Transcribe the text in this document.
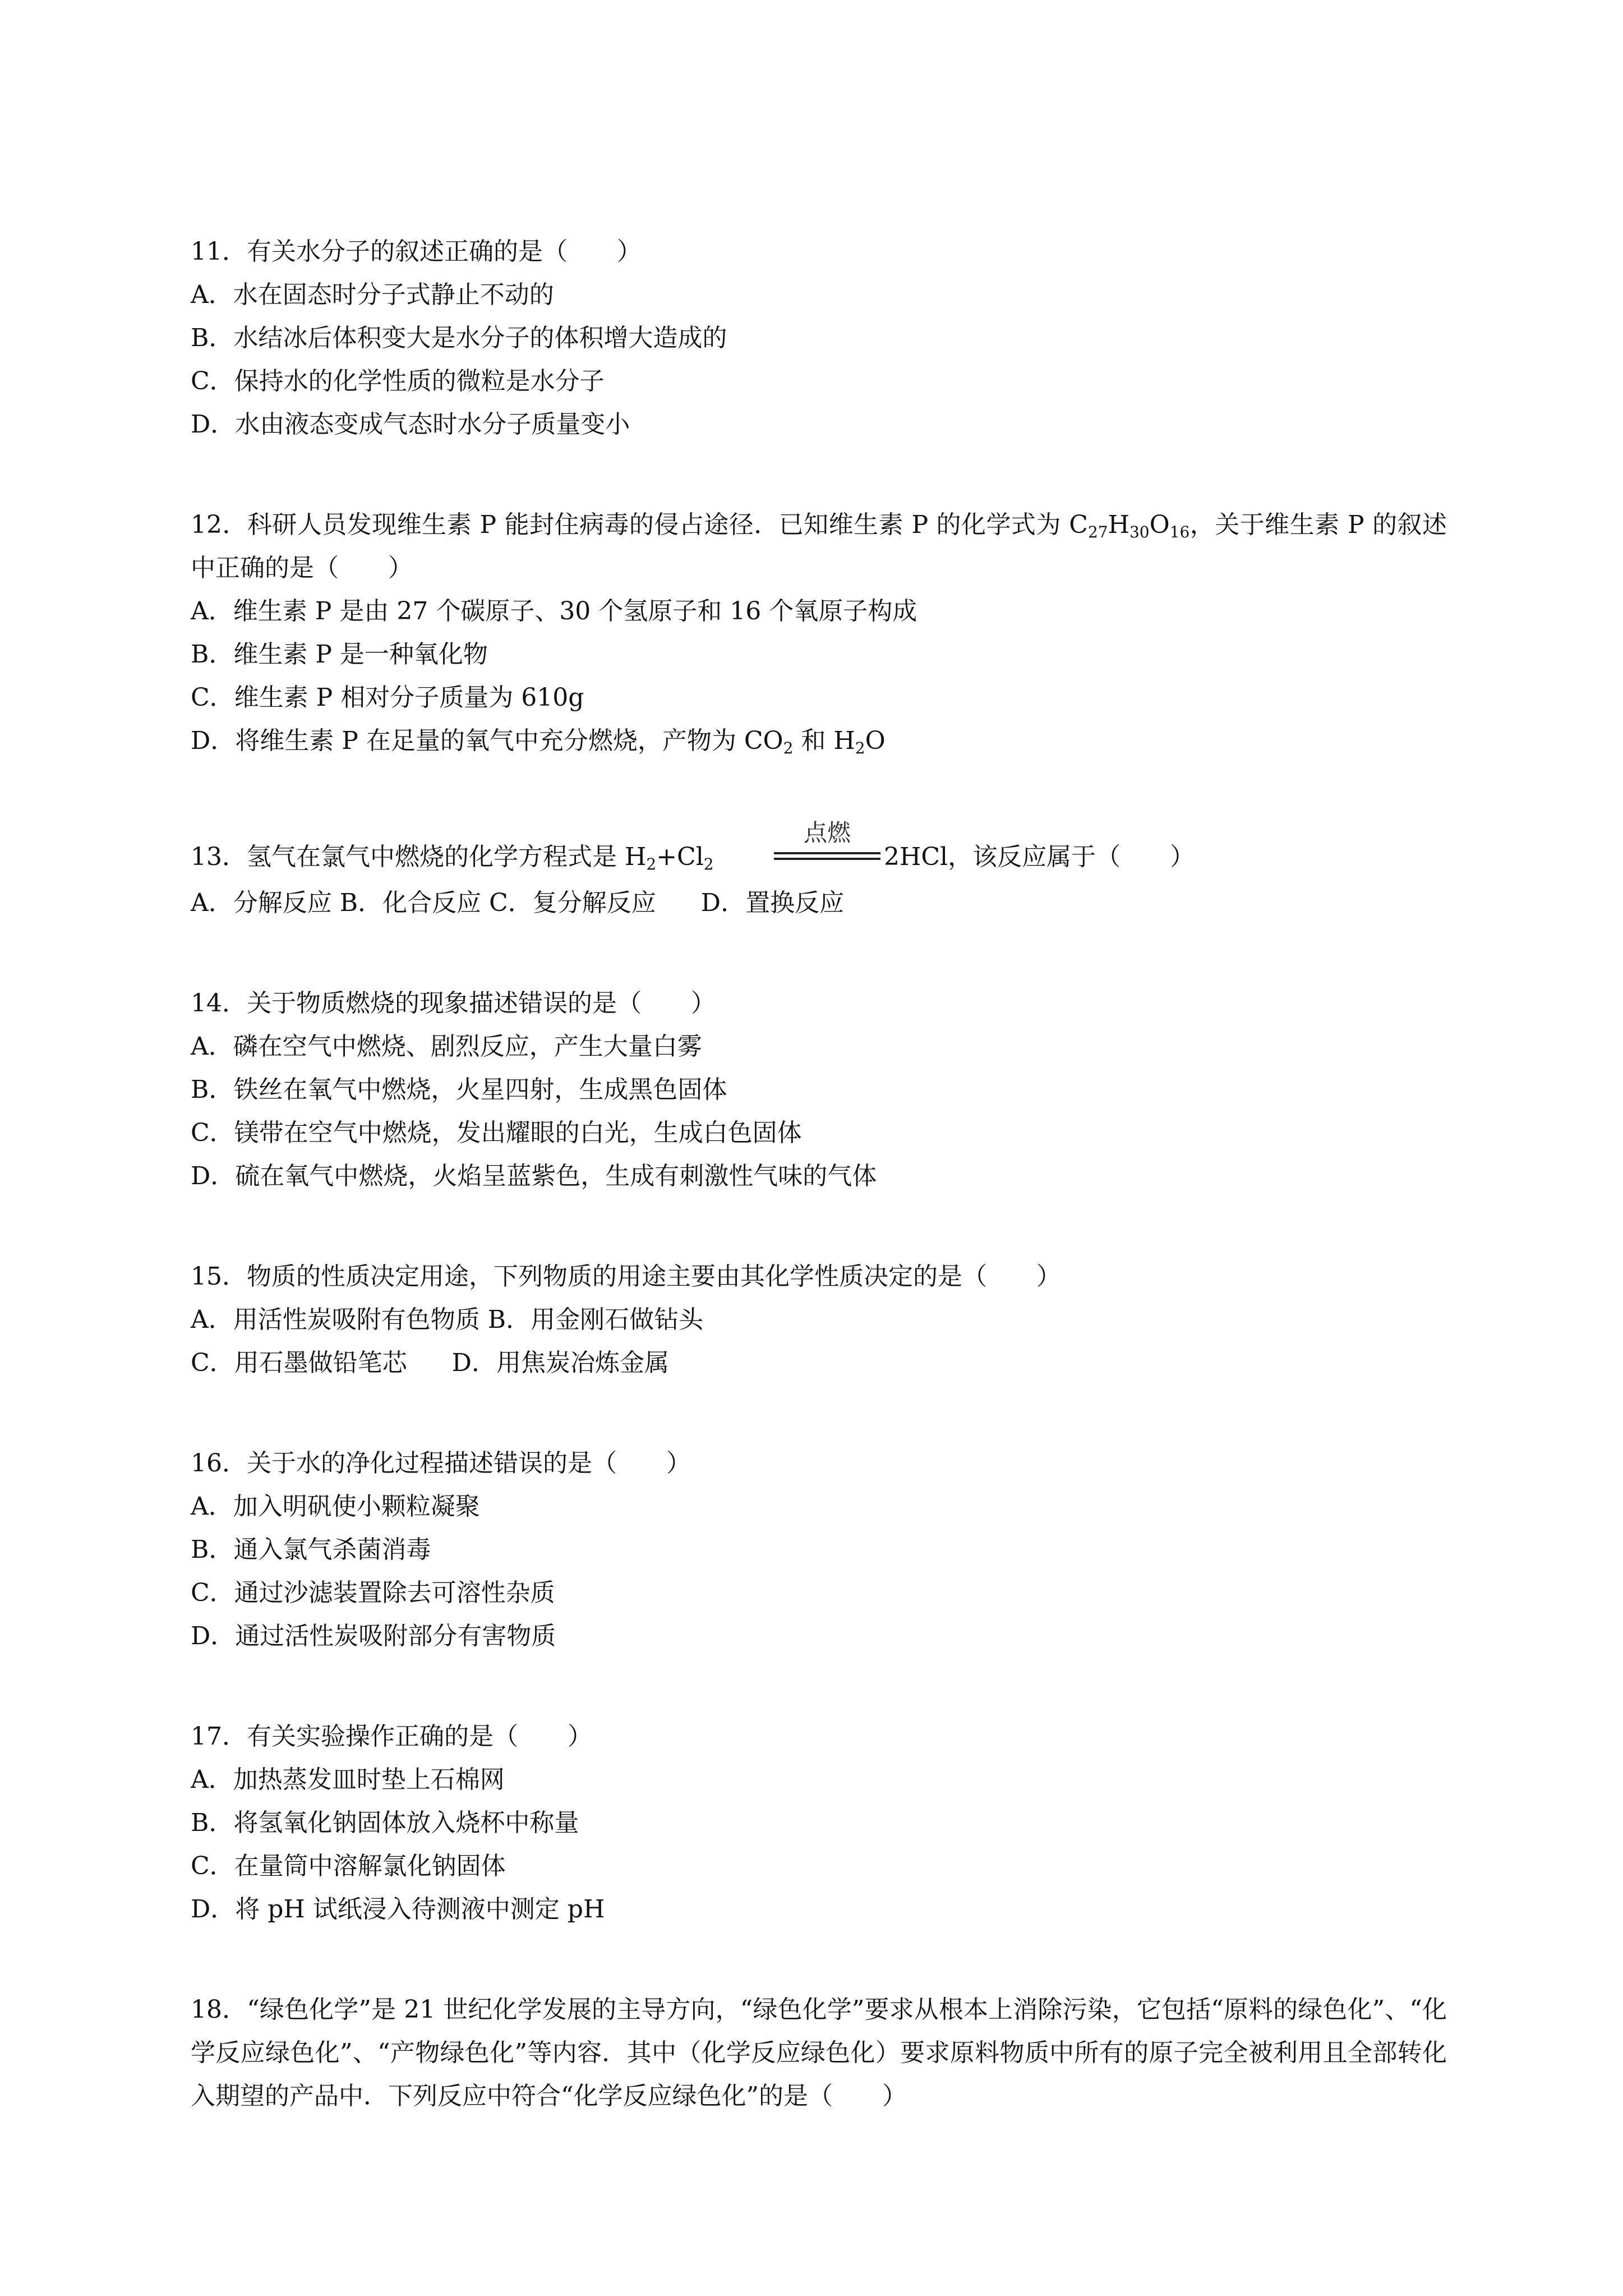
11．有关水分子的叙述正确的是（　　）
A．水在固态时分子式静止不动的
B．水结冰后体积变大是水分子的体积增大造成的
C．保持水的化学性质的微粒是水分子
D．水由液态变成气态时水分子质量变小
12．科研人员发现维生素 P 能封住病毒的侵占途径．已知维生素 P 的化学式为 $C_{27}H_{30}O_{16}$，关于维生素 P 的叙述中正确的是（　　）
A．维生素 P 是由 27 个碳原子、30 个氢原子和 16 个氧原子构成
B．维生素 P 是一种氧化物
C．维生素 P 相对分子质量为 610g
D．将维生素 P 在足量的氧气中充分燃烧，产物为 $CO_2$ 和 $H_2O$

13．氢气在氯气中燃烧的化学方程式是 $H_2+Cl_2$

点燃

2HCl，该反应属于（　　）

A．分解反应 B．化合反应 C．复分解反应 D．置换反应
14．关于物质燃烧的现象描述错误的是（　　）
A．磷在空气中燃烧、剧烈反应，产生大量白雾
B．铁丝在氧气中燃烧，火星四射，生成黑色固体
C．镁带在空气中燃烧，发出耀眼的白光，生成白色固体
D．硫在氧气中燃烧，火焰呈蓝紫色，生成有刺激性气味的气体
15．物质的性质决定用途，下列物质的用途主要由其化学性质决定的是（　　）
A．用活性炭吸附有色物质 B．用金刚石做钻头
C．用石墨做铅笔芯 D．用焦炭冶炼金属
16．关于水的净化过程描述错误的是（　　）
A．加入明矾使小颗粒凝聚
B．通入氯气杀菌消毒
C．通过沙滤装置除去可溶性杂质
D．通过活性炭吸附部分有害物质
17．有关实验操作正确的是（　　）
A．加热蒸发皿时垫上石棉网
B．将氢氧化钠固体放入烧杯中称量
C．在量筒中溶解氯化钠固体
D．将 pH 试纸浸入待测液中测定 pH
18．“绿色化学”是 21 世纪化学发展的主导方向，“绿色化学”要求从根本上消除污染，它包括“原料的绿色化”、“化学反应绿色化”、“产物绿色化”等内容．其中（化学反应绿色化）要求原料物质中所有的原子完全被利用且全部转化入期望的产品中．下列反应中符合“化学反应绿色化”的是（　　）
